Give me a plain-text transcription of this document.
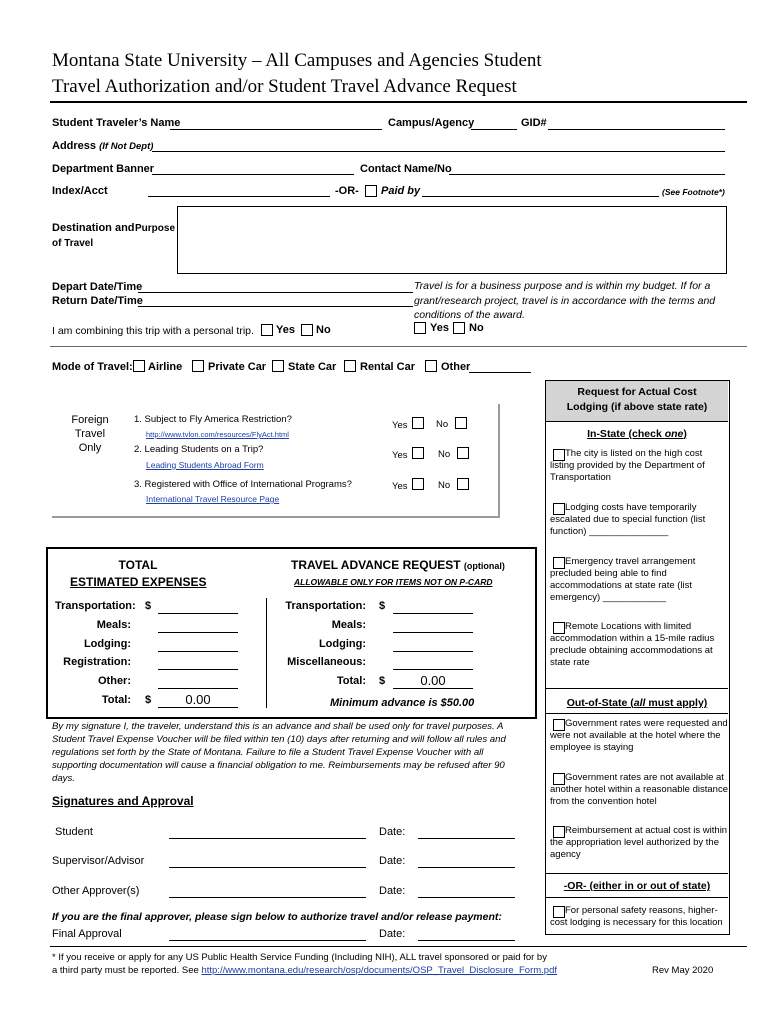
Montana State University – All Campuses and Agencies Student
Travel Authorization and/or Student Travel Advance Request
Student Traveler’s Name	Campus/Agency	GID#
Address (If Not Dept)
Department Banner	Contact Name/No
Index/Acct	-OR- Paid by	(See Footnote*)
Destination and Purpose
of Travel
Depart Date/Time
Return Date/Time
Travel is for a business purpose and is within my budget. If for a grant/research project, travel is in accordance with the terms and conditions of the award.
I am combining this trip with a personal trip. Yes No	Yes No
Mode of Travel: Airline Private Car State Car Rental Car Other
Foreign
Travel
Only
1. Subject to Fly America Restriction?
http://www.tvlon.com/resources/FlyAct.html
2. Leading Students on a Trip?
Leading Students Abroad Form
3. Registered with Office of International Programs?
International Travel Resource Page
Yes	No
Yes	No
Yes	No
TOTAL
ESTIMATED EXPENSES
TRAVEL ADVANCE REQUEST (optional)
ALLOWABLE ONLY FOR ITEMS NOT ON P-CARD
Transportation: $
Meals:
Lodging:
Registration:
Other:
Total: $	0.00
Transportation: $
Meals:
Lodging:
Miscellaneous:
Total: $	0.00
Minimum advance is $50.00
By my signature I, the traveler, understand this is an advance and shall be used only for travel purposes. A Student Travel Expense Voucher will be filed within ten (10) days after returning and will follow all rules and regulations set forth by the State of Montana. Failure to file a Student Travel Expense Voucher with all supporting documentation will cause a financial obligation to me. Reimbursements may be refused after 90 days.
Signatures and Approval
Student	Date:
Supervisor/Advisor	Date:
Other Approver(s)	Date:
If you are the final approver, please sign below to authorize travel and/or release payment:
Final Approval	Date:
Request for Actual Cost
Lodging (if above state rate)
In-State (check one)
The city is listed on the high cost listing provided by the Department of Transportation
Lodging costs have temporarily escalated due to special function (list function) _______________
Emergency travel arrangement precluded being able to find accommodations at state rate (list emergency) ____________
Remote Locations with limited accommodation within a 15-mile radius preclude obtaining accommodations at state rate
Out-of-State (all must apply)
Government rates were requested and were not available at the hotel where the employee is staying
Government rates are not available at another hotel within a reasonable distance from the convention hotel
Reimbursement at actual cost is within the appropriation level authorized by the agency
-OR- (either in or out of state)
For personal safety reasons, higher-cost lodging is necessary for this location
* If you receive or apply for any US Public Health Service Funding (Including NIH), ALL travel sponsored or paid for by
a third party must be reported. See http://www.montana.edu/research/osp/documents/OSP_Travel_Disclosure_Form.pdf	Rev May 2020
